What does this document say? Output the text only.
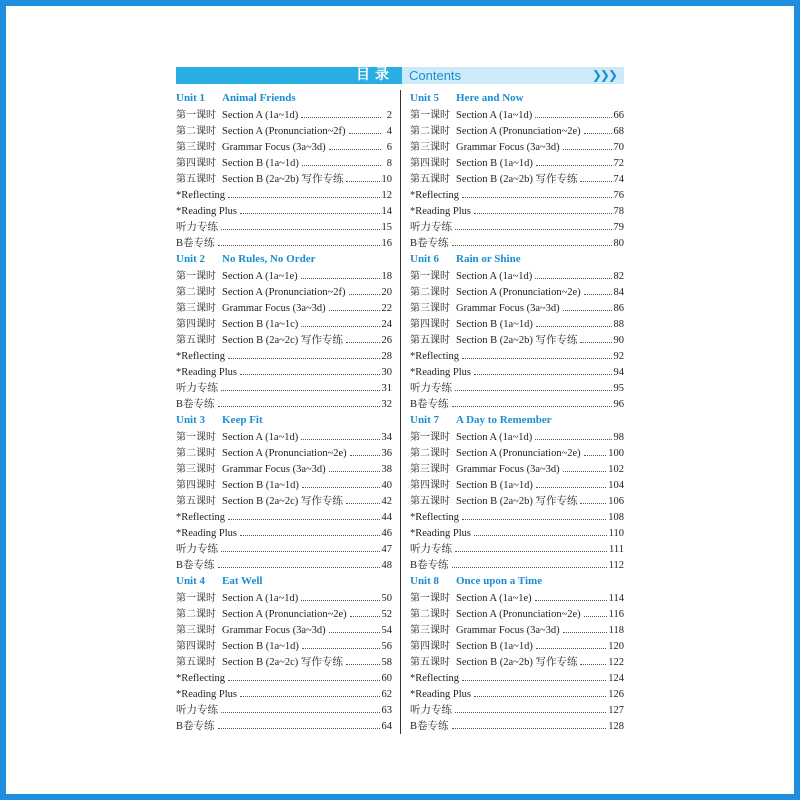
目录 Contents	❯❯❯
Unit 1 Animal Friends
第一课时 Section A (1a~1d)	2
第二课时 Section A (Pronunciation~2f)	4
第三课时 Grammar Focus (3a~3d)	6
第四课时 Section B (1a~1d)	8
第五课时 Section B (2a~2b) 写作专练	10
*Reflecting	12
*Reading Plus	14
听力专练	15
B卷专练	16
Unit 2 No Rules, No Order
第一课时 Section A (1a~1e)	18
第二课时 Section A (Pronunciation~2f)	20
第三课时 Grammar Focus (3a~3d)	22
第四课时 Section B (1a~1c)	24
第五课时 Section B (2a~2c) 写作专练	26
*Reflecting	28
*Reading Plus	30
听力专练	31
B卷专练	32
Unit 3 Keep Fit
第一课时 Section A (1a~1d)	34
第二课时 Section A (Pronunciation~2e)	36
第三课时 Grammar Focus (3a~3d)	38
第四课时 Section B (1a~1d)	40
第五课时 Section B (2a~2c) 写作专练	42
*Reflecting	44
*Reading Plus	46
听力专练	47
B卷专练	48
Unit 4 Eat Well
第一课时 Section A (1a~1d)	50
第二课时 Section A (Pronunciation~2e)	52
第三课时 Grammar Focus (3a~3d)	54
第四课时 Section B (1a~1d)	56
第五课时 Section B (2a~2c) 写作专练	58
*Reflecting	60
*Reading Plus	62
听力专练	63
B卷专练	64
Unit 5 Here and Now
第一课时 Section A (1a~1d)	66
第二课时 Section A (Pronunciation~2e)	68
第三课时 Grammar Focus (3a~3d)	70
第四课时 Section B (1a~1d)	72
第五课时 Section B (2a~2b) 写作专练	74
*Reflecting	76
*Reading Plus	78
听力专练	79
B卷专练	80
Unit 6 Rain or Shine
第一课时 Section A (1a~1d)	82
第二课时 Section A (Pronunciation~2e)	84
第三课时 Grammar Focus (3a~3d)	86
第四课时 Section B (1a~1d)	88
第五课时 Section B (2a~2b) 写作专练	90
*Reflecting	92
*Reading Plus	94
听力专练	95
B卷专练	96
Unit 7 A Day to Remember
第一课时 Section A (1a~1d)	98
第二课时 Section A (Pronunciation~2e)	100
第三课时 Grammar Focus (3a~3d)	102
第四课时 Section B (1a~1d)	104
第五课时 Section B (2a~2b) 写作专练	106
*Reflecting	108
*Reading Plus	110
听力专练	111
B卷专练	112
Unit 8 Once upon a Time
第一课时 Section A (1a~1e)	114
第二课时 Section A (Pronunciation~2e)	116
第三课时 Grammar Focus (3a~3d)	118
第四课时 Section B (1a~1d)	120
第五课时 Section B (2a~2b) 写作专练	122
*Reflecting	124
*Reading Plus	126
听力专练	127
B卷专练	128
